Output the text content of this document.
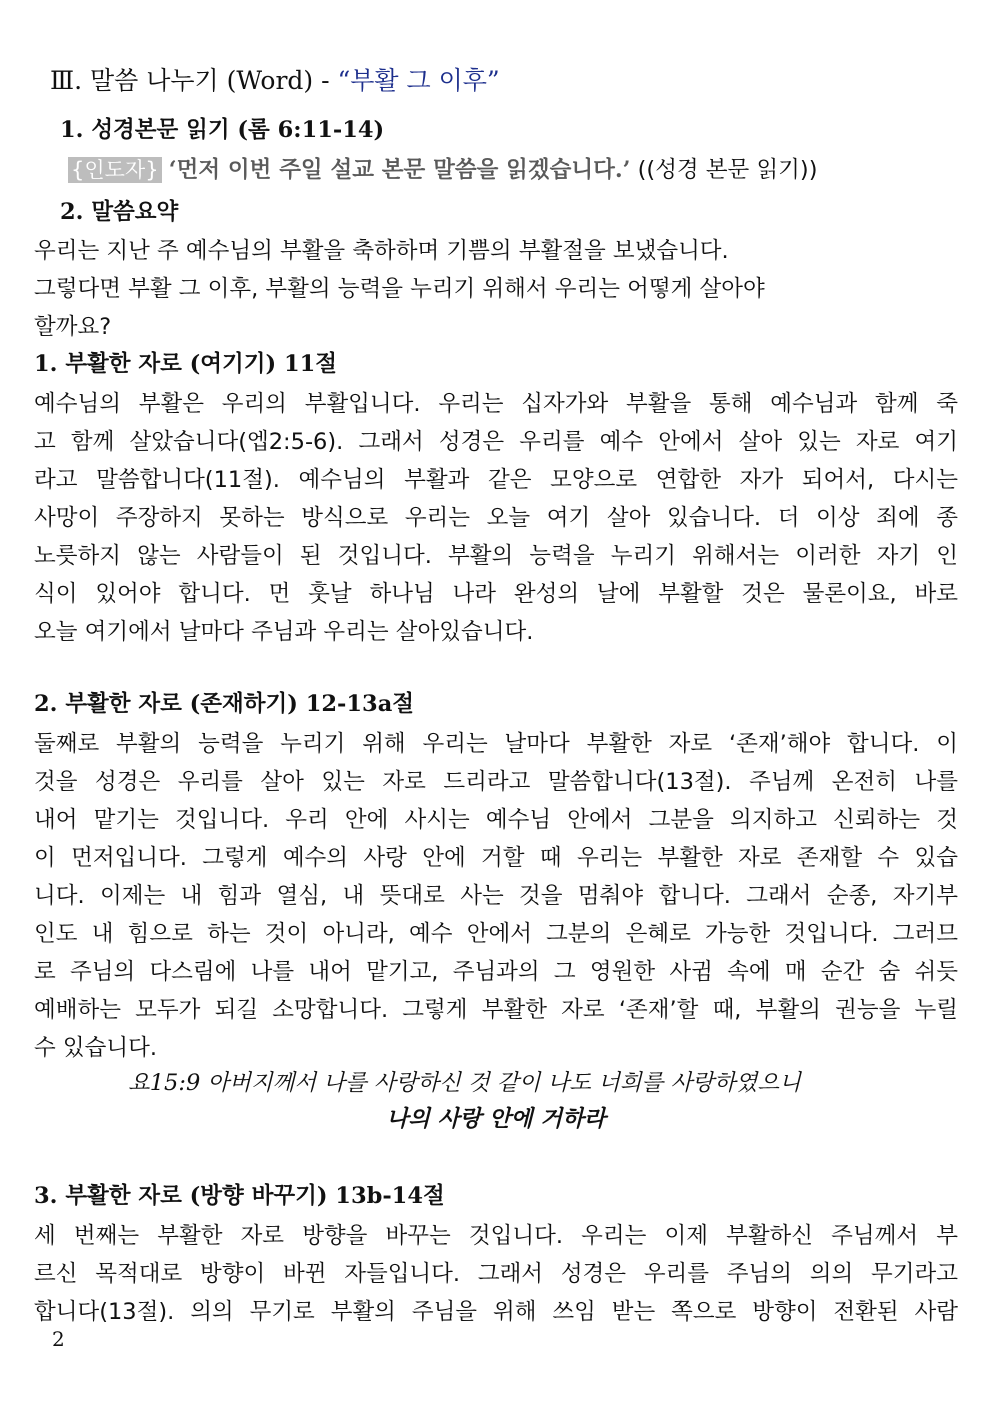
Ⅲ. 말씀 나누기 (Word) - “부활 그 이후”
1. 성경본문 읽기 (롬 6:11-14)
{인도자} ‘먼저 이번 주일 설교 본문 말씀을 읽겠습니다.’ ((성경 본문 읽기))
2. 말씀요약
우리는 지난 주 예수님의 부활을 축하하며 기쁨의 부활절을 보냈습니다.
그렇다면 부활 그 이후, 부활의 능력을 누리기 위해서 우리는 어떻게 살아야
할까요?
1. 부활한 자로 (여기기) 11절
예수님의 부활은 우리의 부활입니다. 우리는 십자가와 부활을 통해 예수님과 함께 죽
고 함께 살았습니다(엡2:5-6). 그래서 성경은 우리를 예수 안에서 살아 있는 자로 여기
라고 말씀합니다(11절). 예수님의 부활과 같은 모양으로 연합한 자가 되어서, 다시는
사망이 주장하지 못하는 방식으로 우리는 오늘 여기 살아 있습니다. 더 이상 죄에 종
노릇하지 않는 사람들이 된 것입니다. 부활의 능력을 누리기 위해서는 이러한 자기 인
식이 있어야 합니다. 먼 훗날 하나님 나라 완성의 날에 부활할 것은 물론이요, 바로
오늘 여기에서 날마다 주님과 우리는 살아있습니다.
2. 부활한 자로 (존재하기) 12-13a절
둘째로 부활의 능력을 누리기 위해 우리는 날마다 부활한 자로 ‘존재’해야 합니다. 이
것을 성경은 우리를 살아 있는 자로 드리라고 말씀합니다(13절). 주님께 온전히 나를
내어 맡기는 것입니다. 우리 안에 사시는 예수님 안에서 그분을 의지하고 신뢰하는 것
이 먼저입니다. 그렇게 예수의 사랑 안에 거할 때 우리는 부활한 자로 존재할 수 있습
니다. 이제는 내 힘과 열심, 내 뜻대로 사는 것을 멈춰야 합니다. 그래서 순종, 자기부
인도 내 힘으로 하는 것이 아니라, 예수 안에서 그분의 은혜로 가능한 것입니다. 그러므
로 주님의 다스림에 나를 내어 맡기고, 주님과의 그 영원한 사귐 속에 매 순간 숨 쉬듯
예배하는 모두가 되길 소망합니다. 그렇게 부활한 자로 ‘존재’할 때, 부활의 권능을 누릴
수 있습니다.
요15:9 아버지께서 나를 사랑하신 것 같이 나도 너희를 사랑하였으니
나의 사랑 안에 거하라
3. 부활한 자로 (방향 바꾸기) 13b-14절
세 번째는 부활한 자로 방향을 바꾸는 것입니다. 우리는 이제 부활하신 주님께서 부
르신 목적대로 방향이 바뀐 자들입니다. 그래서 성경은 우리를 주님의 의의 무기라고
합니다(13절). 의의 무기로 부활의 주님을 위해 쓰임 받는 쪽으로 방향이 전환된 사람
2
